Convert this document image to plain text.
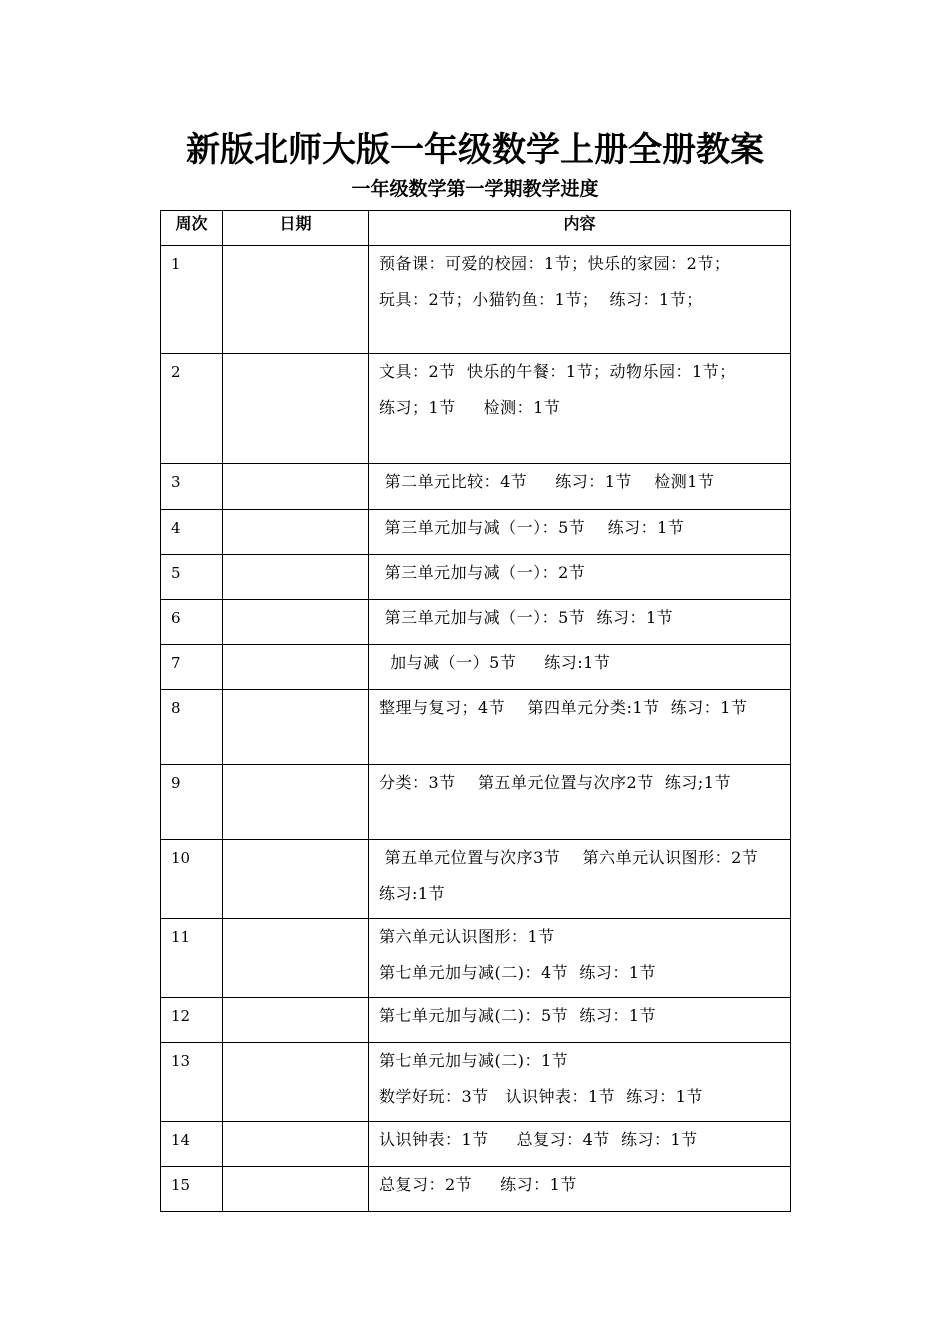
新版北师大版一年级数学上册全册教案
一年级数学第一学期教学进度
周次	日期	内容
1		预备课：可爱的校园：1节；快乐的家园：2节；
玩具：2节；小猫钓鱼：1节；  练习：1节；

2		文具：2节  快乐的午餐：1节；动物乐园：1节；
练习；1节     检测：1节

3		第二单元比较：4节     练习：1节    检测1节

4		第三单元加与减（一）：5节    练习：1节

5		第三单元加与减（一）：2节

6		第三单元加与减（一）：5节  练习：1节

7		加与减（一）5节     练习:1节

8		整理与复习；4节    第四单元分类:1节  练习：1节

9		分类：3节    第五单元位置与次序2节  练习;1节

10		第五单元位置与次序3节    第六单元认识图形：2节  练习:1节

11		第六单元认识图形：1节
第七单元加与减(二)：4节  练习：1节

12		第七单元加与减(二)：5节  练习：1节

13		第七单元加与减(二)：1节
数学好玩：3节   认识钟表：1节  练习：1节

14		认识钟表：1节     总复习：4节  练习：1节

15		总复习：2节     练习：1节
